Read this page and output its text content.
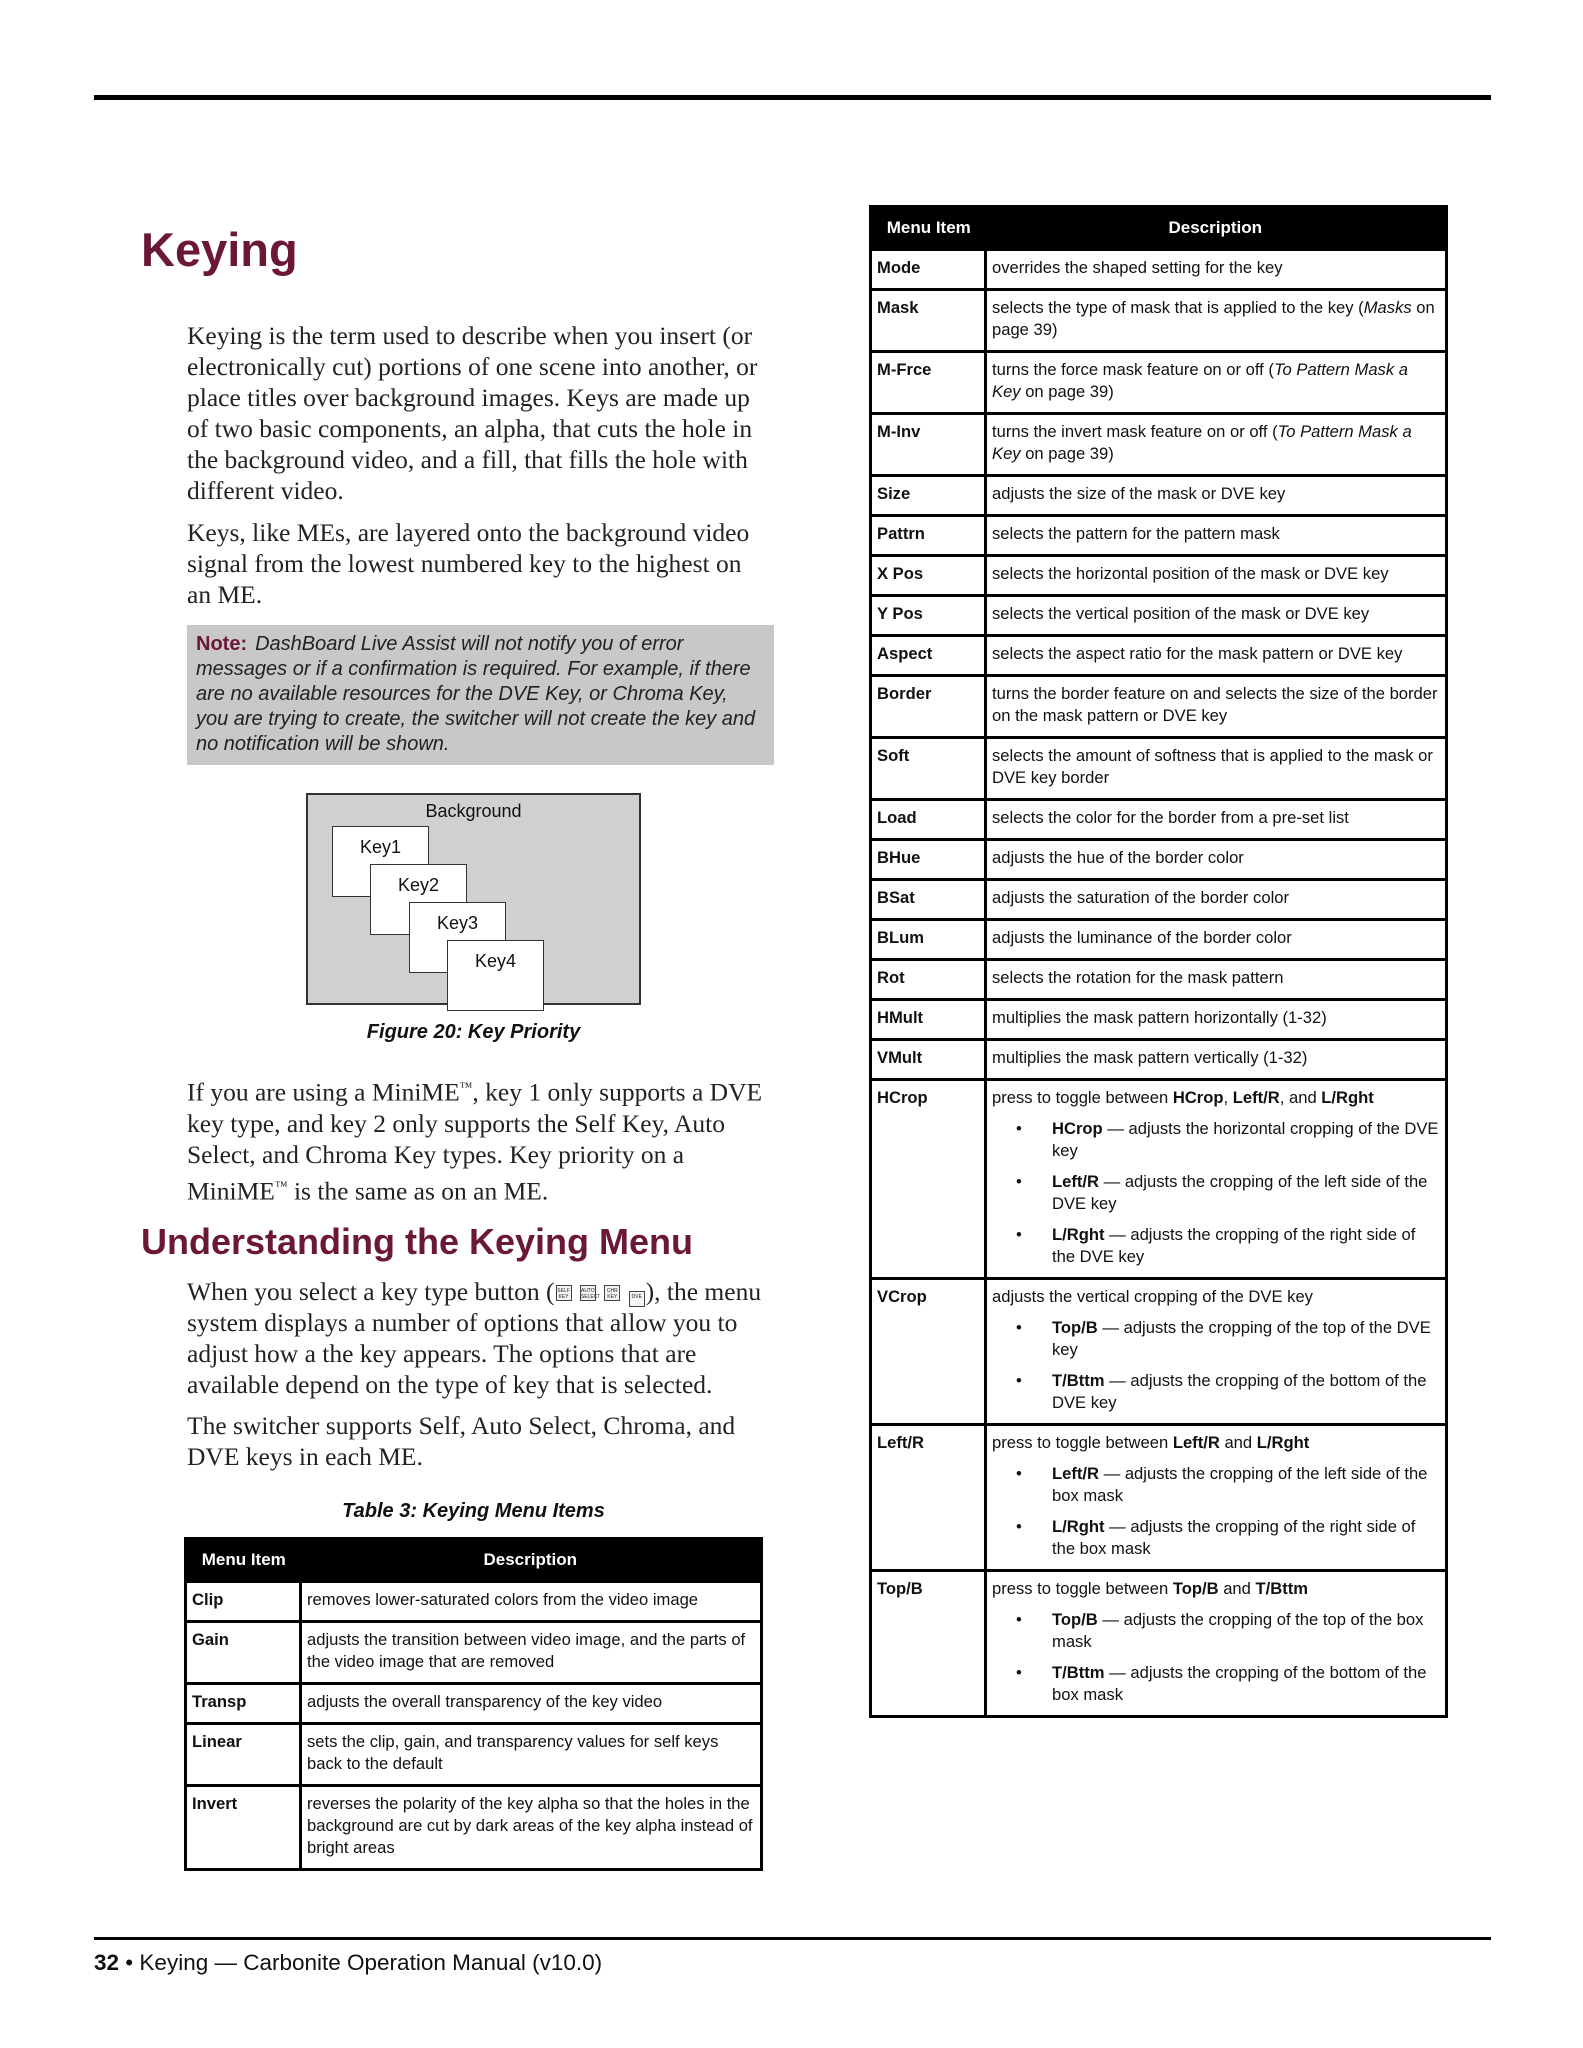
Keying

Keying is the term used to describe when you insert (or electronically cut) portions of one scene into another, or place titles over background images. Keys are made up of two basic components, an alpha, that cuts the hole in the background video, and a fill, that fills the hole with different video.

Keys, like MEs, are layered onto the background video signal from the lowest numbered key to the highest on an ME.

Note: DashBoard Live Assist will not notify you of error messages or if a confirmation is required. For example, if there are no available resources for the DVE Key, or Chroma Key, you are trying to create, the switcher will not create the key and no notification will be shown.
Background
Key1
Key2
Key3
Key4
Figure 20: Key Priority

If you are using a MiniME™, key 1 only supports a DVE key type, and key 2 only supports the Self Key, Auto Select, and Chroma Key types. Key priority on a MiniME™ is the same as on an ME.

Understanding the Keying Menu

When you select a key type button ( SELF
KEY AUTO
SELECT CHR
KEY	DVE ), the menu system displays a number of options that allow you to adjust how a the key appears. The options that are available depend on the type of key that is selected.

The switcher supports Self, Auto Select, Chroma, and DVE keys in each ME.

Table 3: Keying Menu Items
Menu Item	Description
Clip	removes lower-saturated colors from the video image

Gain	adjusts the transition between video image, and the parts of the video image that are removed

Transp	adjusts the overall transparency of the key video

Linear	sets the clip, gain, and transparency values for self keys back to the default

Invert	reverses the polarity of the key alpha so that the holes in the background are cut by dark areas of the key alpha instead of bright areas
Menu Item	Description
Mode	overrides the shaped setting for the key

Mask	selects the type of mask that is applied to the key (Masks on page 39)

M-Frce	turns the force mask feature on or off (To Pattern Mask a Key on page 39)

M-Inv	turns the invert mask feature on or off (To Pattern Mask a Key on page 39)

Size	adjusts the size of the mask or DVE key

Pattrn	selects the pattern for the pattern mask

X Pos	selects the horizontal position of the mask or DVE key

Y Pos	selects the vertical position of the mask or DVE key

Aspect	selects the aspect ratio for the mask pattern or DVE key

Border	turns the border feature on and selects the size of the border on the mask pattern or DVE key

Soft	selects the amount of softness that is applied to the mask or DVE key border

Load	selects the color for the border from a pre-set list

BHue	adjusts the hue of the border color

BSat	adjusts the saturation of the border color

BLum	adjusts the luminance of the border color

Rot	selects the rotation for the mask pattern

HMult	multiplies the mask pattern horizontally (1-32)

VMult	multiplies the mask pattern vertically (1-32)

HCrop	press to toggle between HCrop, Left/R, and L/Rght
• HCrop — adjusts the horizontal cropping of the DVE key
• Left/R — adjusts the cropping of the left side of the DVE key
• L/Rght — adjusts the cropping of the right side of the DVE key

VCrop	adjusts the vertical cropping of the DVE key
• Top/B — adjusts the cropping of the top of the DVE key
• T/Bttm — adjusts the cropping of the bottom of the DVE key

Left/R	press to toggle between Left/R and L/Rght
• Left/R — adjusts the cropping of the left side of the box mask
• L/Rght — adjusts the cropping of the right side of the box mask

Top/B	press to toggle between Top/B and T/Bttm
• Top/B — adjusts the cropping of the top of the box mask
• T/Bttm — adjusts the cropping of the bottom of the box mask
32 • Keying — Carbonite Operation Manual (v10.0)
